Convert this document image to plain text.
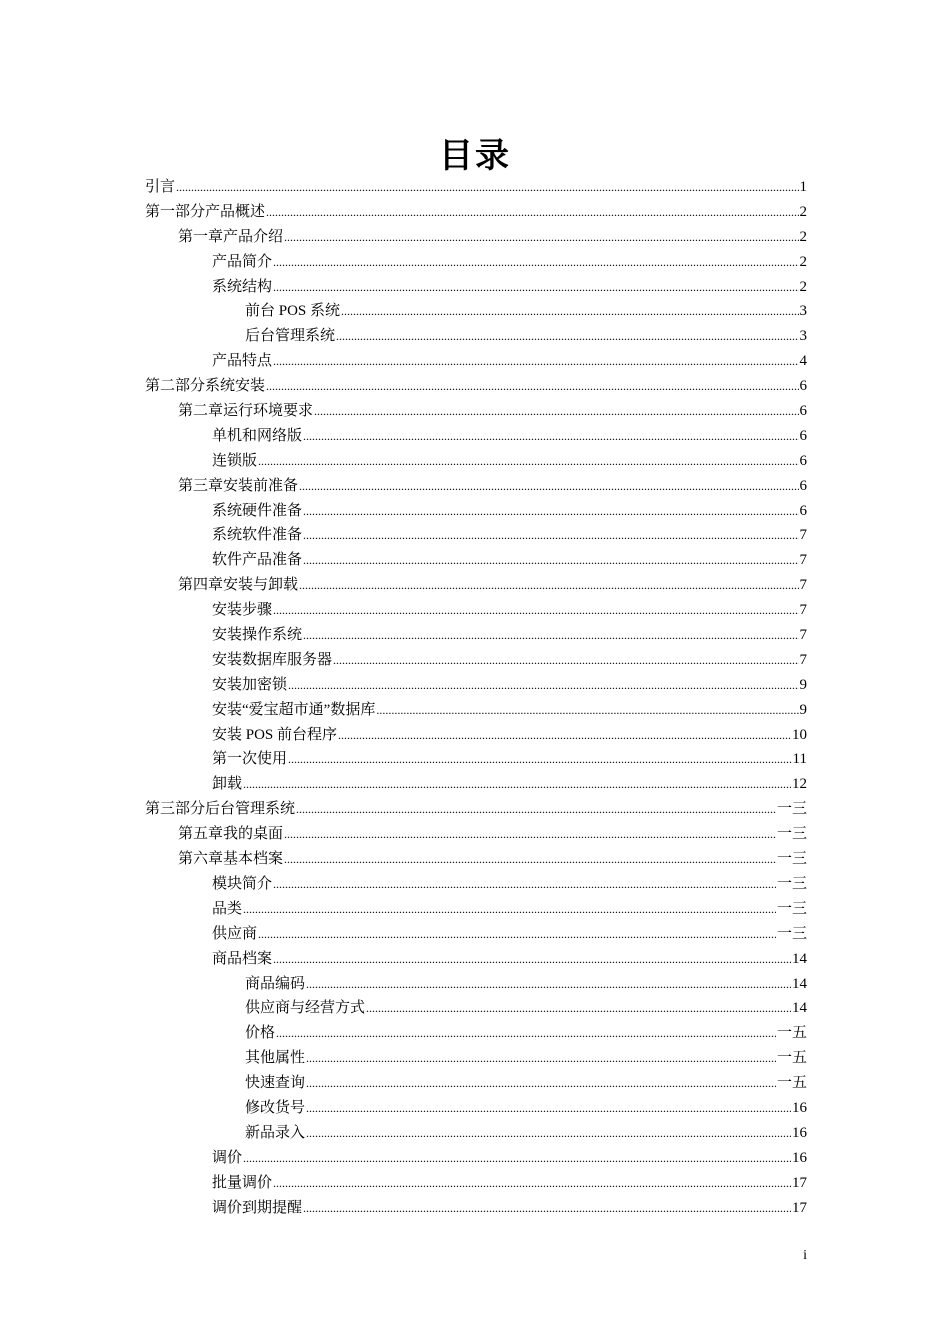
目录
引言 .....	1
第一部分产品概述 .....	2
第一章产品介绍 .....	2
产品简介 .....	2
系统结构 .....	2
前台 POS 系统 .....	3
后台管理系统 .....	3
产品特点 .....	4
第二部分系统安装 .....	6
第二章运行环境要求 .....	6
单机和网络版 .....	6
连锁版 .....	6
第三章安装前准备 .....	6
系统硬件准备 .....	6
系统软件准备 .....	7
软件产品准备 .....	7
第四章安装与卸载 .....	7
安装步骤 .....	7
安装操作系统 .....	7
安装数据库服务器 .....	7
安装加密锁 .....	9
安装“爱宝超市通”数据库 .....	9
安装 POS 前台程序 .....	10
第一次使用 .....	11
卸载 .....	12
第三部分后台管理系统 .....	一三
第五章我的桌面 .....	一三
第六章基本档案 .....	一三
模块简介 .....	一三
品类 .....	一三
供应商 .....	一三
商品档案 .....	14
商品编码 .....	14
供应商与经营方式 .....	14
价格 .....	一五
其他属性 .....	一五
快速查询 .....	一五
修改货号 .....	16
新品录入 .....	16
调价 .....	16
批量调价 .....	17
调价到期提醒 .....	17
i
